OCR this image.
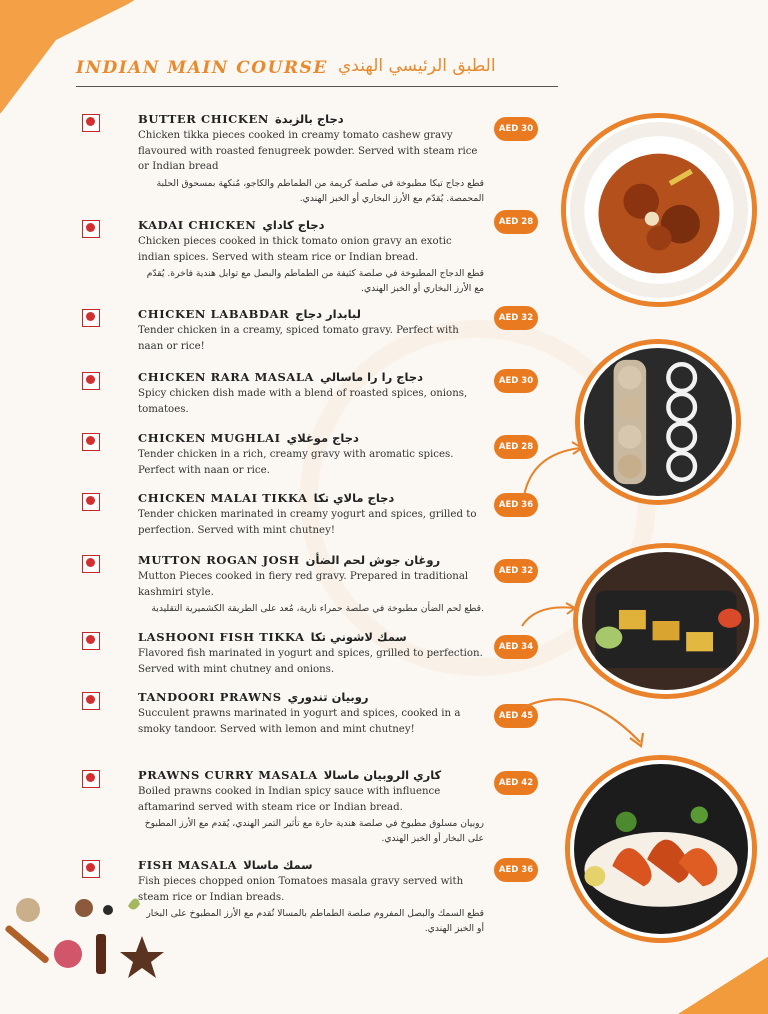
INDIAN MAIN COURSE الطبق الرئيسي الهندي
BUTTER CHICKEN دجاج بالزبدة
Chicken tikka pieces cooked in creamy tomato cashew gravy flavoured with roasted fenugreek powder. Served with steam rice or Indian bread
قطع دجاج تيكا مطبوخة في صلصة كريمة من الطماطم والكاجو، مُنكهة بمسحوق الحلبة المحمصة. يُقدّم مع الأرز البخاري أو الخبز الهندي.
AED 30
KADAI CHICKEN دجاج كاداي
Chicken pieces cooked in thick tomato onion gravy an exotic indian spices. Served with steam rice or Indian bread.
قطع الدجاج المطبوخة في صلصة كثيفة من الطماطم والبصل مع توابل هندية فاخرة. يُقدّم مع الأرز البخاري أو الخبز الهندي.
AED 28
CHICKEN LABABDAR لبابدار دجاج
Tender chicken in a creamy, spiced tomato gravy. Perfect with naan or rice!
AED 32
CHICKEN RARA MASALA دجاج را را ماسالي
Spicy chicken dish made with a blend of roasted spices, onions, tomatoes.
AED 30
CHICKEN MUGHLAI دجاج موغلاي
Tender chicken in a rich, creamy gravy with aromatic spices. Perfect with naan or rice.
AED 28
CHICKEN MALAI TIKKA دجاج مالاي تكا
Tender chicken marinated in creamy yogurt and spices, grilled to perfection. Served with mint chutney!
AED 36
MUTTON ROGAN JOSH روغان جوش لحم الضأن
Mutton Pieces cooked in fiery red gravy. Prepared in traditional kashmiri style.
.قطع لحم الضأن مطبوخة في صلصة حمراء نارية، مُعد على الطريقة الكشميرية التقليدية
AED 32
LASHOONI FISH TIKKA سمك لاشوني تكا
Flavored fish marinated in yogurt and spices, grilled to perfection. Served with mint chutney and onions.
AED 34
TANDOORI PRAWNS روبيان تندوري
Succulent prawns marinated in yogurt and spices, cooked in a smoky tandoor. Served with lemon and mint chutney!
AED 45
PRAWNS CURRY MASALA كاري الروبيان ماسالا
Boiled prawns cooked in Indian spicy sauce with influence aftamarind served with steam rice or Indian bread.
روبيان مسلوق مطبوخ في صلصة هندية حارة مع تأثير التمر الهندي، يُقدم مع الأرز المطبوخ على البخار أو الخبز الهندي.
AED 42
FISH MASALA سمك ماسالا
Fish pieces chopped onion Tomatoes masala gravy served with steam rice or Indian breads.
قطع السمك والبصل المفروم صلصة الطماطم بالمسالا تُقدم مع الأرز المطبوخ على البخار أو الخبز الهندي.
AED 36
